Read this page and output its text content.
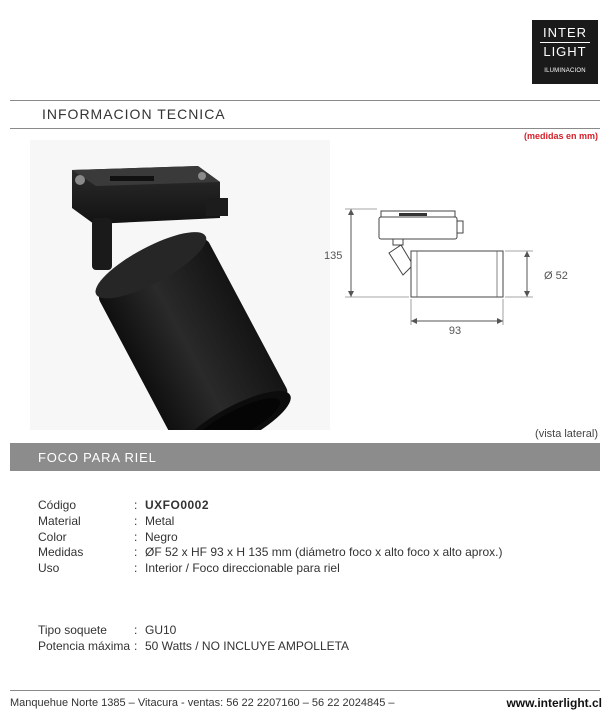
INTER
LIGHT
ILUMINACION
INFORMACION TECNICA
(medidas en mm)
135
Ø 52
93
(vista lateral)
FOCO PARA RIEL
Código	: UXFO0002
Material	: Metal
Color	: Negro
Medidas	: ØF 52 x HF 93 x H 135 mm (diámetro foco x alto foco x alto aprox.)
Uso	: Interior / Foco direccionable para riel
Tipo soquete	: GU10
Potencia máxima : 50 Watts / NO INCLUYE AMPOLLETA
Manquehue Norte 1385 – Vitacura - ventas: 56 22 2207160 – 56 22 2024845 –	www.interlight.cl
